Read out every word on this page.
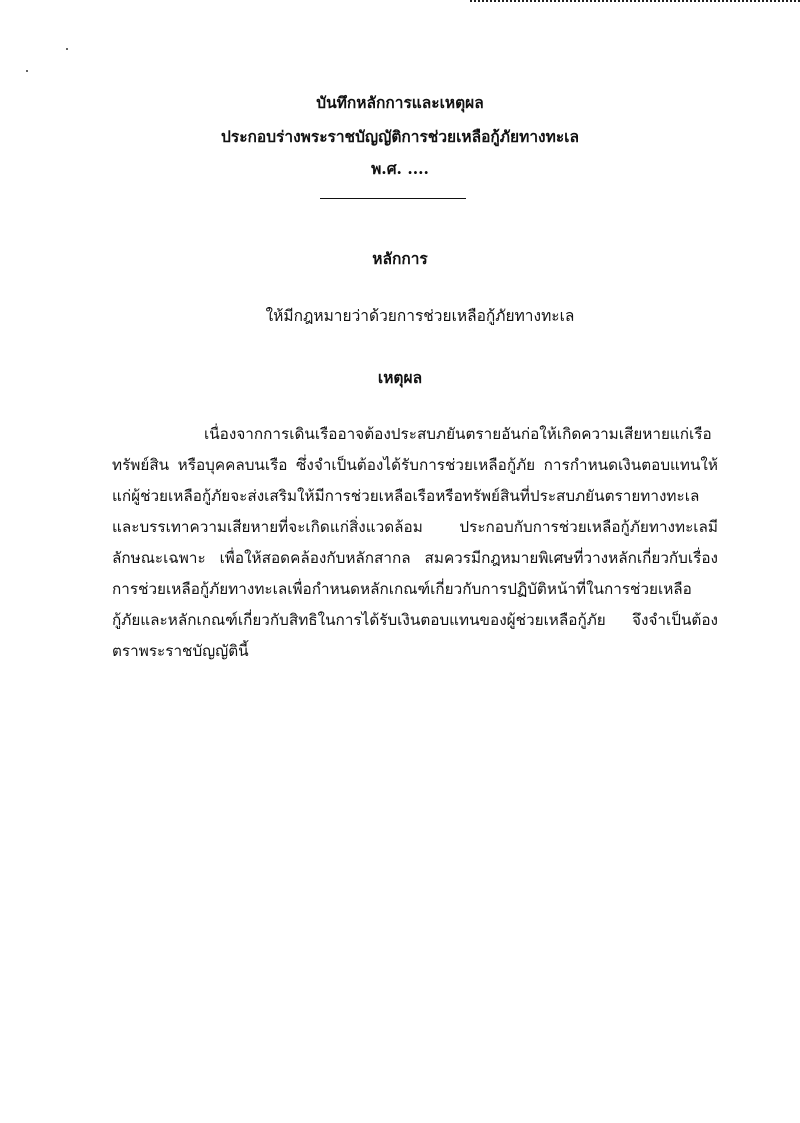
บันทึกหลักการและเหตุผล
ประกอบร่างพระราชบัญญัติการช่วยเหลือกู้ภัยทางทะเล
พ.ศ. ....
หลักการ
ให้มีกฎหมายว่าด้วยการช่วยเหลือกู้ภัยทางทะเล
เหตุผล
เนื่องจากการเดินเรืออาจต้องประสบภยันตรายอันก่อให้เกิดความเสียหายแก่เรือ ทรัพย์สิน หรือบุคคลบนเรือ ซึ่งจำเป็นต้องได้รับการช่วยเหลือกู้ภัย การกำหนดเงินตอบแทนให้แก่ผู้ช่วยเหลือกู้ภัยจะส่งเสริมให้มีการช่วยเหลือเรือหรือทรัพย์สินที่ประสบภยันตรายทางทะเล และบรรเทาความเสียหายที่จะเกิดแก่สิ่งแวดล้อม ประกอบกับการช่วยเหลือกู้ภัยทางทะเลมีลักษณะเฉพาะ เพื่อให้สอดคล้องกับหลักสากล สมควรมีกฎหมายพิเศษที่วางหลักเกี่ยวกับเรื่องการช่วยเหลือกู้ภัยทางทะเลเพื่อกำหนดหลักเกณฑ์เกี่ยวกับการปฏิบัติหน้าที่ในการช่วยเหลือกู้ภัยและหลักเกณฑ์เกี่ยวกับสิทธิในการได้รับเงินตอบแทนของผู้ช่วยเหลือกู้ภัย จึงจำเป็นต้องตราพระราชบัญญัตินี้
